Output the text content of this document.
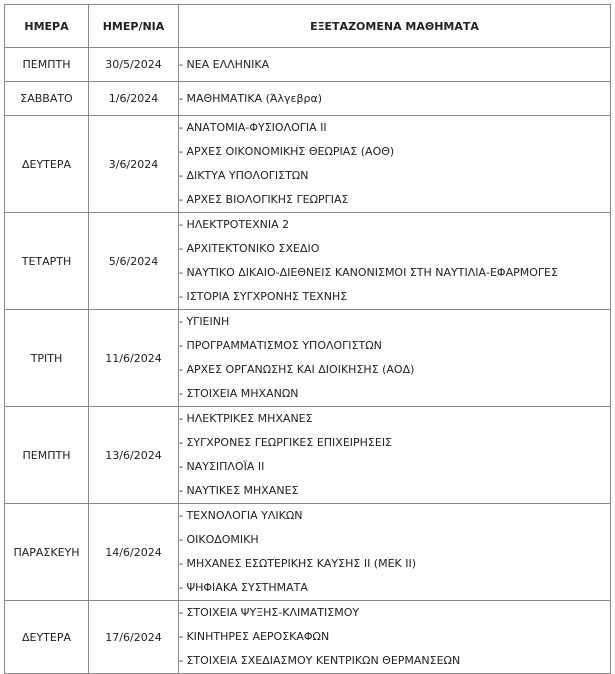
ΗΜΕΡΑ	ΗΜΕΡ/ΝΙΑ	ΕΞΕΤΑΖΟΜΕΝΑ ΜΑΘΗΜΑΤΑ
ΠΕΜΠΤΗ	30/5/2024	- ΝΕΑ ΕΛΛΗΝΙΚΑ

ΣΑΒΒΑΤΟ	1/6/2024	- ΜΑΘΗΜΑΤΙΚΑ (Άλγεβρα)

ΔΕΥΤΕΡΑ	3/6/2024	- ΑΝΑΤΟΜΙΑ-ΦΥΣΙΟΛΟΓΙΑ ΙΙ
- ΑΡΧΕΣ ΟΙΚΟΝΟΜΙΚΗΣ ΘΕΩΡΙΑΣ (ΑΟΘ)
- ΔΙΚΤΥΑ ΥΠΟΛΟΓΙΣΤΩΝ
- ΑΡΧΕΣ ΒΙΟΛΟΓΙΚΗΣ ΓΕΩΡΓΙΑΣ

ΤΕΤΑΡΤΗ	5/6/2024	- ΗΛΕΚΤΡΟΤΕΧΝΙΑ 2
- ΑΡΧΙΤΕΚΤΟΝΙΚΟ ΣΧΕΔΙΟ
- ΝΑΥΤΙΚΟ ΔΙΚΑΙΟ-ΔΙΕΘΝΕΙΣ ΚΑΝΟΝΙΣΜΟΙ ΣΤΗ ΝΑΥΤΙΛΙΑ-ΕΦΑΡΜΟΓΕΣ
- ΙΣΤΟΡΙΑ ΣΥΓΧΡΟΝΗΣ ΤΕΧΝΗΣ

ΤΡΙΤΗ	11/6/2024	- ΥΓΙΕΙΝΗ
- ΠΡΟΓΡΑΜΜΑΤΙΣΜΟΣ ΥΠΟΛΟΓΙΣΤΩΝ
- ΑΡΧΕΣ ΟΡΓΑΝΩΣΗΣ ΚΑΙ ΔΙΟΙΚΗΣΗΣ (ΑΟΔ)
- ΣΤΟΙΧΕΙΑ ΜΗΧΑΝΩΝ

ΠΕΜΠΤΗ	13/6/2024	- ΗΛΕΚΤΡΙΚΕΣ ΜΗΧΑΝΕΣ
- ΣΥΓΧΡΟΝΕΣ ΓΕΩΡΓΙΚΕΣ ΕΠΙΧΕΙΡΗΣΕΙΣ
- ΝΑΥΣΙΠΛΟΪΑ ΙΙ
- ΝΑΥΤΙΚΕΣ ΜΗΧΑΝΕΣ

ΠΑΡΑΣΚΕΥΗ	14/6/2024	- ΤΕΧΝΟΛΟΓΙΑ ΥΛΙΚΩΝ
- ΟΙΚΟΔΟΜΙΚΗ
- ΜΗΧΑΝΕΣ ΕΣΩΤΕΡΙΚΗΣ ΚΑΥΣΗΣ ΙΙ (ΜΕΚ ΙΙ)
- ΨΗΦΙΑΚΑ ΣΥΣΤΗΜΑΤΑ

ΔΕΥΤΕΡΑ	17/6/2024	- ΣΤΟΙΧΕΙΑ ΨΥΞΗΣ-ΚΛΙΜΑΤΙΣΜΟΥ
- ΚΙΝΗΤΗΡΕΣ ΑΕΡΟΣΚΑΦΩΝ
- ΣΤΟΙΧΕΙΑ ΣΧΕΔΙΑΣΜΟΥ ΚΕΝΤΡΙΚΩΝ ΘΕΡΜΑΝΣΕΩΝ
